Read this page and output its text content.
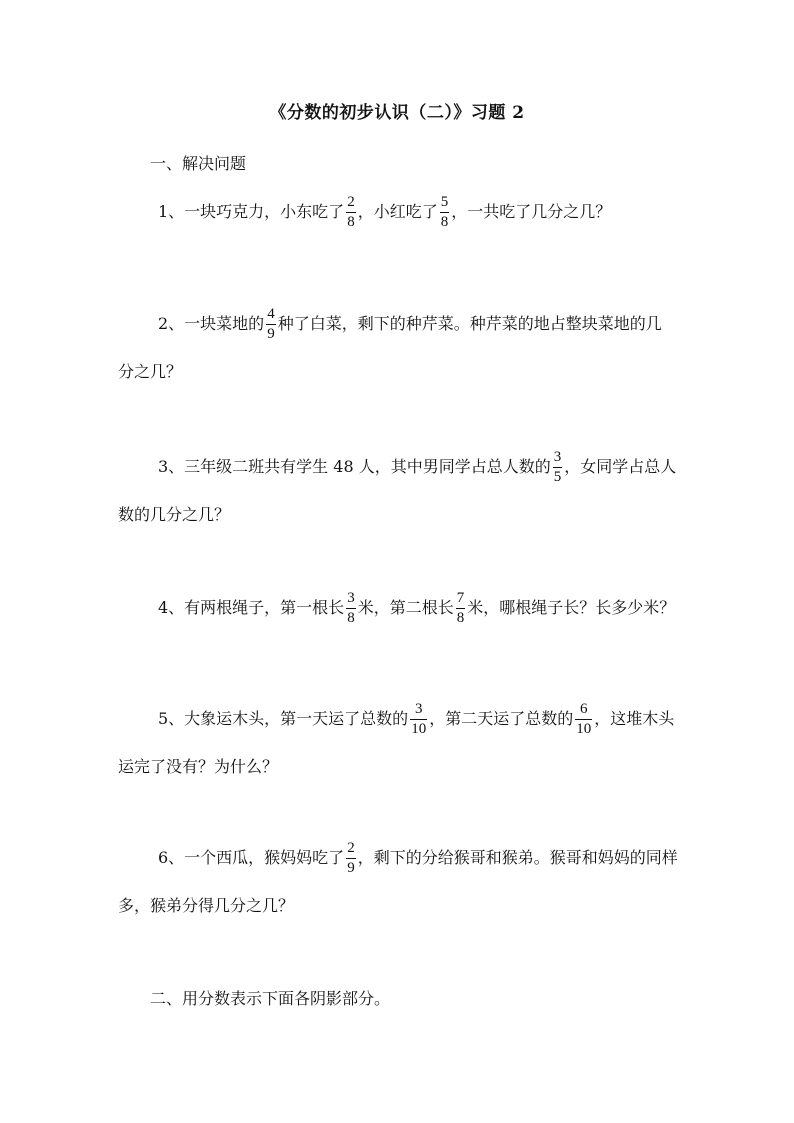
《分数的初步认识（二）》习题 2
一、解决问题
1、一块巧克力，小东吃了 $\frac{2}{8}$ ，小红吃了 $\frac{5}{8}$ ，一共吃了几分之几？
2、一块菜地的 $\frac{4}{9}$ 种了白菜，剩下的种芹菜。种芹菜的地占整块菜地的几
分之几？
3、三年级二班共有学生 48 人，其中男同学占总人数的 $\frac{3}{5}$ ，女同学占总人
数的几分之几？
4、有两根绳子，第一根长 $\frac{3}{8}$ 米，第二根长 $\frac{7}{8}$ 米，哪根绳子长？长多少米？
5、大象运木头，第一天运了总数的 $\frac{3}{10}$ ，第二天运了总数的 $\frac{6}{10}$ ，这堆木头
运完了没有？为什么？
6、一个西瓜，猴妈妈吃了 $\frac{2}{9}$ ，剩下的分给猴哥和猴弟。猴哥和妈妈的同样
多，猴弟分得几分之几？
二、用分数表示下面各阴影部分。
